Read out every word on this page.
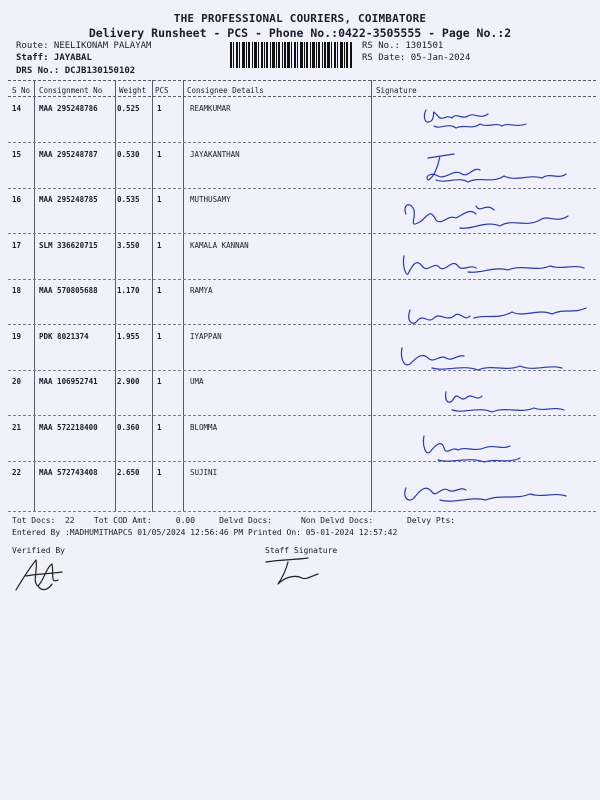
THE PROFESSIONAL COURIERS, COIMBATORE
Delivery Runsheet - PCS - Phone No.:0422-3505555 - Page No.:2
Route: NEELIKONAM PALAYAM
Staff: JAYABAL
DRS No.: DCJB130150102
RS No.: 1301501
RS Date: 05-Jan-2024
S No Consignment No Weight PCS Consignee Details	Signature
14 MAA 295248786	0.525 1	REAMKUMAR
15 MAA 295248787	0.530 1	JAYAKANTHAN
16 MAA 295248785	0.535 1	MUTHUSAMY
17 SLM 336620715	3.550 1	KAMALA KANNAN
18 MAA 570805688	1.170 1	RAMYA
19 PDK 8021374	1.955 1	IYAPPAN
20 MAA 106952741	2.900 1	UMA
21 MAA 572218400	0.360 1	BLOMMA
22 MAA 572743408	2.650 1	SUJINI
Tot Docs:  22    Tot COD Amt:     0.00     Delvd Docs:      Non Delvd Docs:       Delvy Pts:
Entered By :MADHUMITHAPCS 01/05/2024 12:56:46 PM Printed On: 05-01-2024 12:57:42
Verified By	Staff Signature
